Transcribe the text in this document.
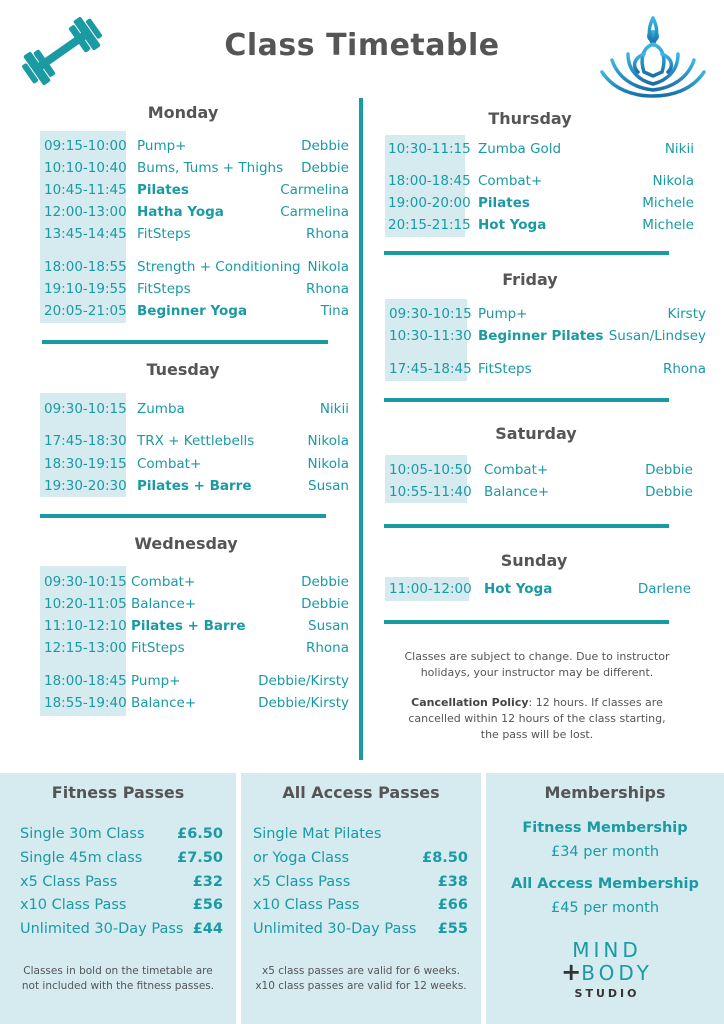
Class Timetable
Monday
09:15-10:00 Pump+	Debbie
10:10-10:40 Bums, Tums + Thighs Debbie
10:45-11:45 Pilates	Carmelina
12:00-13:00 Hatha Yoga	Carmelina
13:45-14:45 FitSteps	Rhona
18:00-18:55 Strength + Conditioning Nikola
19:10-19:55 FitSteps	Rhona
20:05-21:05 Beginner Yoga	Tina
Tuesday
09:30-10:15 Zumba	Nikii
17:45-18:30 TRX + Kettlebells	Nikola
18:30-19:15 Combat+	Nikola
19:30-20:30 Pilates + Barre	Susan
Wednesday
09:30-10:15 Combat+	Debbie
10:20-11:05 Balance+	Debbie
11:10-12:10 Pilates + Barre	Susan
12:15-13:00 FitSteps	Rhona
18:00-18:45 Pump+	Debbie/Kirsty
18:55-19:40 Balance+	Debbie/Kirsty
Thursday
10:30-11:15 Zumba Gold	Nikii
18:00-18:45 Combat+	Nikola
19:00-20:00 Pilates	Michele
20:15-21:15 Hot Yoga	Michele
Friday
09:30-10:15 Pump+	Kirsty
10:30-11:30 Beginner Pilates Susan/Lindsey
17:45-18:45 FitSteps	Rhona
Saturday
10:05-10:50 Combat+	Debbie
10:55-11:40 Balance+	Debbie
Sunday
11:00-12:00 Hot Yoga	Darlene
Classes are subject to change. Due to instructor
holidays, your instructor may be different.
Cancellation Policy: 12 hours. If classes are
cancelled within 12 hours of the class starting,
the pass will be lost.
Fitness Passes
Single 30m Class £6.50
Single 45m class £7.50
x5 Class Pass	£32
x10 Class Pass	£56
Unlimited 30-Day Pass £44
Classes in bold on the timetable are
not included with the fitness passes.
All Access Passes
Single Mat Pilates
or Yoga Class	£8.50
x5 Class Pass	£38
x10 Class Pass	£66
Unlimited 30-Day Pass £55
x5 class passes are valid for 6 weeks.
x10 class passes are valid for 12 weeks.
Memberships
Fitness Membership
£34 per month
All Access Membership
£45 per month
MIND
+BODY
STUDIO
